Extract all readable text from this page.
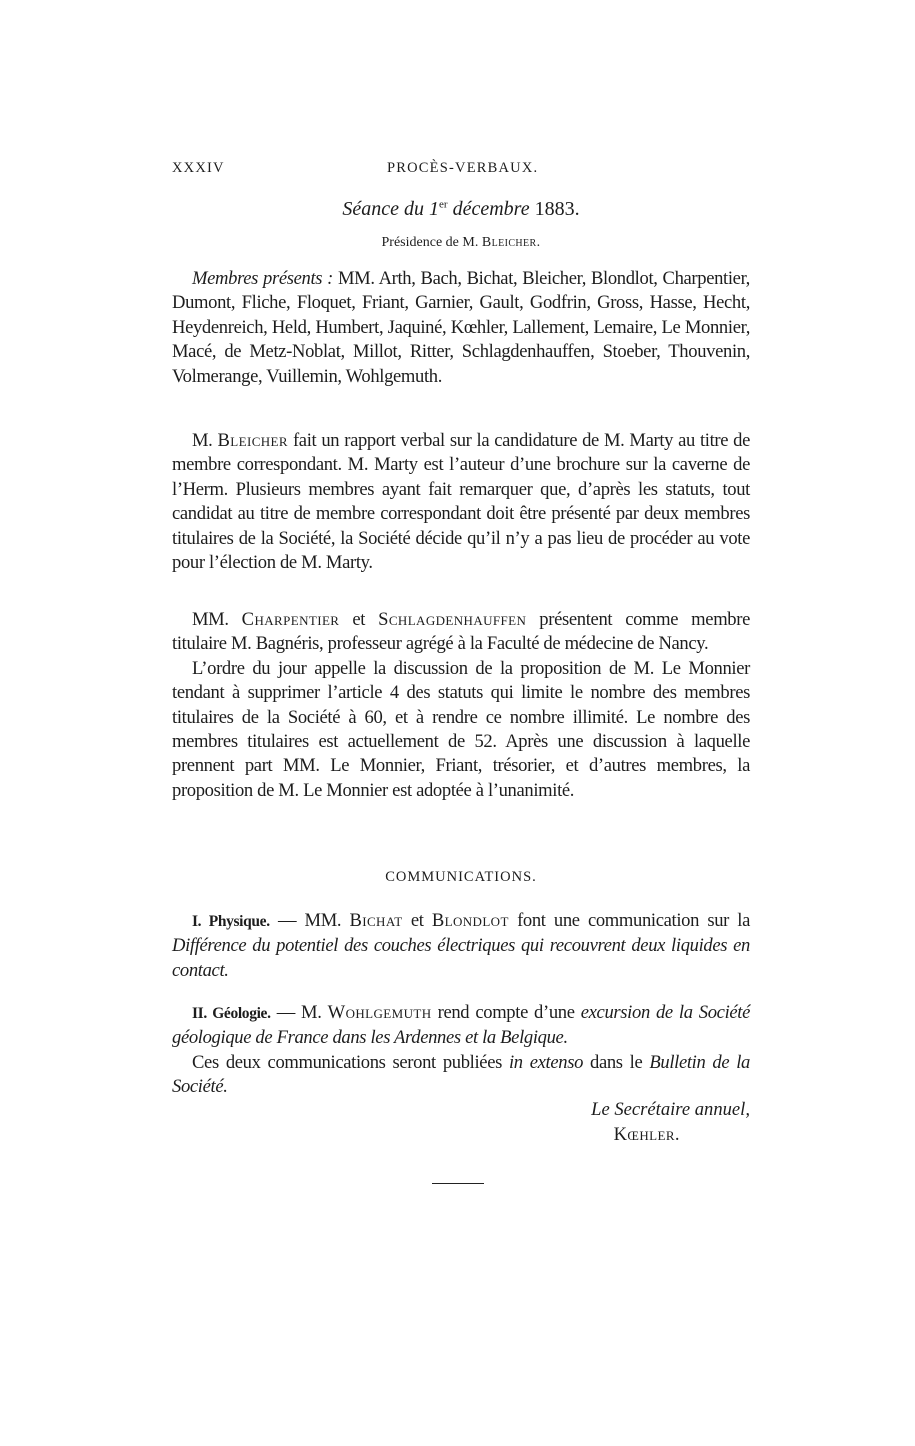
XXXIV	PROCÈS-VERBAUX.
Séance du 1er décembre 1883.
Présidence de M. Bleicher.

Membres présents : MM. Arth, Bach, Bichat, Bleicher, Blondlot, Charpentier, Dumont, Fliche, Floquet, Friant, Garnier, Gault, Godfrin, Gross, Hasse, Hecht, Heydenreich, Held, Humbert, Jaquiné, Kœhler, Lallement, Lemaire, Le Monnier, Macé, de Metz-Noblat, Millot, Ritter, Schlagdenhauffen, Stoeber, Thouvenin, Volmerange, Vuillemin, Wohlgemuth.

M. Bleicher fait un rapport verbal sur la candidature de M. Marty au titre de membre correspondant. M. Marty est l’auteur d’une brochure sur la caverne de l’Herm. Plusieurs membres ayant fait remarquer que, d’après les statuts, tout candidat au titre de membre correspondant doit être présenté par deux membres titulaires de la Société, la Société décide qu’il n’y a pas lieu de procéder au vote pour l’élection de M. Marty.

MM. Charpentier et Schlagdenhauffen présentent comme membre titulaire M. Bagnéris, professeur agrégé à la Faculté de médecine de Nancy.

L’ordre du jour appelle la discussion de la proposition de M. Le Monnier tendant à supprimer l’article 4 des statuts qui limite le nombre des membres titulaires de la Société à 60, et à rendre ce nombre illimité. Le nombre des membres titulaires est actuellement de 52. Après une discussion à laquelle prennent part MM. Le Monnier, Friant, trésorier, et d’autres membres, la proposition de M. Le Monnier est adoptée à l’unanimité.

COMMUNICATIONS.

I. Physique. — MM. Bichat et Blondlot font une communication sur la Différence du potentiel des couches électriques qui recouvrent deux liquides en contact.

II. Géologie. — M. Wohlgemuth rend compte d’une excursion de la Société géologique de France dans les Ardennes et la Belgique.

Ces deux communications seront publiées in extenso dans le Bulletin de la Société.

Le Secrétaire annuel,
Kœhler.
